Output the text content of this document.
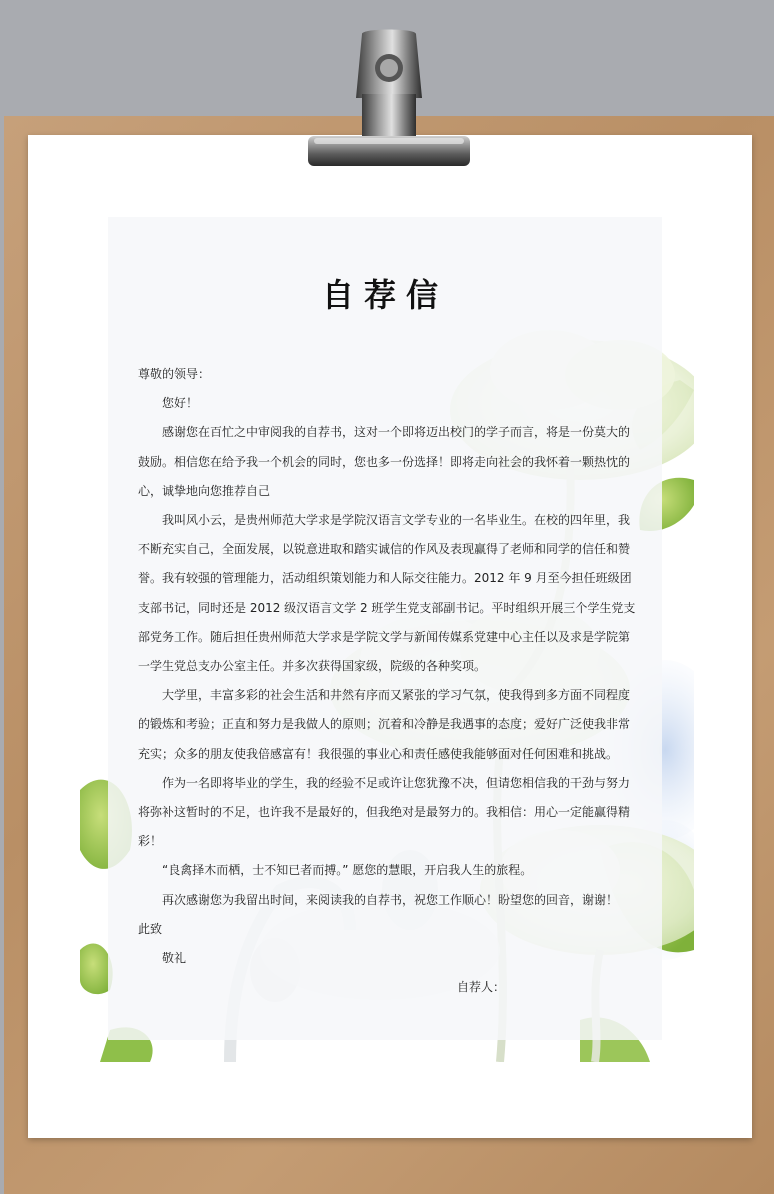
自荐信

尊敬的领导：

您好！

感谢您在百忙之中审阅我的自荐书，这对一个即将迈出校门的学子而言，将是一份莫大的鼓励。相信您在给予我一个机会的同时，您也多一份选择！即将走向社会的我怀着一颗热忱的心，诚挚地向您推荐自己

我叫风小云，是贵州师范大学求是学院汉语言文学专业的一名毕业生。在校的四年里，我不断充实自己，全面发展，以锐意进取和踏实诚信的作风及表现赢得了老师和同学的信任和赞誉。我有较强的管理能力，活动组织策划能力和人际交往能力。2012 年 9 月至今担任班级团支部书记，同时还是 2012 级汉语言文学 2 班学生党支部副书记。平时组织开展三个学生党支部党务工作。随后担任贵州师范大学求是学院文学与新闻传媒系党建中心主任以及求是学院第一学生党总支办公室主任。并多次获得国家级，院级的各种奖项。

大学里，丰富多彩的社会生活和井然有序而又紧张的学习气氛，使我得到多方面不同程度的锻炼和考验；正直和努力是我做人的原则；沉着和冷静是我遇事的态度；爱好广泛使我非常充实；众多的朋友使我倍感富有！我很强的事业心和责任感使我能够面对任何困难和挑战。

作为一名即将毕业的学生，我的经验不足或许让您犹豫不决，但请您相信我的干劲与努力将弥补这暂时的不足，也许我不是最好的，但我绝对是最努力的。我相信：用心一定能赢得精彩！

“良禽择木而栖，士不知已者而搏。” 愿您的慧眼，开启我人生的旅程。

再次感谢您为我留出时间，来阅读我的自荐书，祝您工作顺心！盼望您的回音，谢谢！

此致

敬礼

自荐人：
